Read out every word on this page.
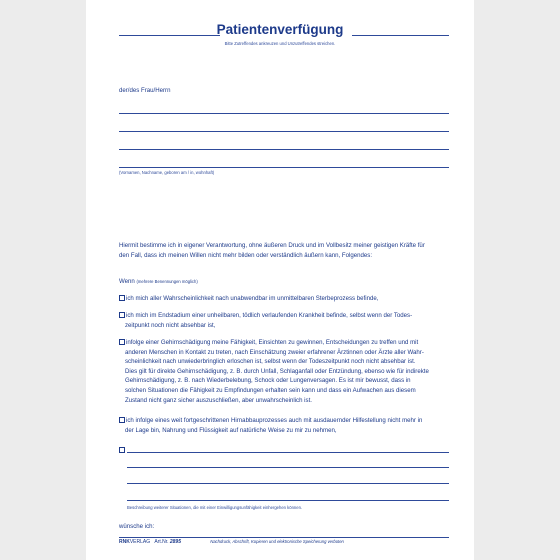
Patientenverfügung
Bitte Zutreffendes ankreuzen und Unzutreffendes streichen.
der/des Frau/Herrn
(Vornamen, Nachname, geboren am / in, wohnhaft)

Hiermit bestimme ich in eigener Verantwortung, ohne äußeren Druck und im Vollbesitz meiner geistigen Kräfte für

den Fall, dass ich meinen Willen nicht mehr bilden oder verständlich äußern kann, Folgendes:

Wenn (mehrere Benennungen möglich)
ich mich aller Wahrscheinlichkeit nach unabwendbar im unmittelbaren Sterbeprozess befinde,

ich mich im Endstadium einer unheilbaren, tödlich verlaufenden Krankheit befinde, selbst wenn der Todes-

zeitpunkt noch nicht absehbar ist,

infolge einer Gehirnschädigung meine Fähigkeit, Einsichten zu gewinnen, Entscheidungen zu treffen und mit

anderen Menschen in Kontakt zu treten, nach Einschätzung zweier erfahrener Ärztinnen oder Ärzte aller Wahr-

scheinlichkeit nach unwiederbringlich erloschen ist, selbst wenn der Todeszeitpunkt noch nicht absehbar ist.

Dies gilt für direkte Gehirnschädigung, z. B. durch Unfall, Schlaganfall oder Entzündung, ebenso wie für indirekte

Gehirnschädigung, z. B. nach Wiederbelebung, Schock oder Lungenversagen. Es ist mir bewusst, dass in

solchen Situationen die Fähigkeit zu Empfindungen erhalten sein kann und dass ein Aufwachen aus diesem

Zustand nicht ganz sicher auszuschließen, aber unwahrscheinlich ist.

ich infolge eines weit fortgeschrittenen Hirnabbauprozesses auch mit ausdauernder Hilfestellung nicht mehr in

der Lage bin, Nahrung und Flüssigkeit auf natürliche Weise zu mir zu nehmen,

Beschreibung weiterer Situationen, die mit einer Einwilligungsunfähigkeit einhergehen können.
wünsche ich:
RNKVERLAG Art.Nr. 2895	Nachdruck, Abschrift, Kopieren und elektronische Speicherung verboten
